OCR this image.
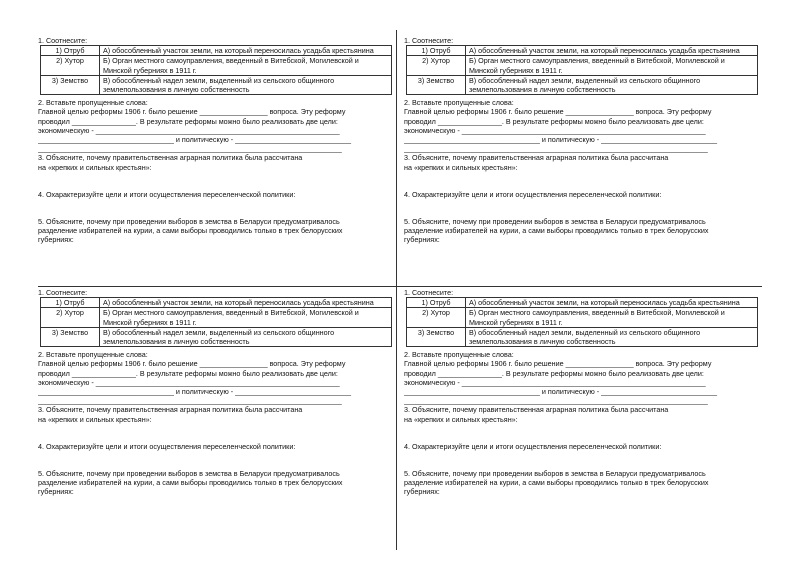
1. Соотнесите:
1) Отруб	А) обособленный участок земли, на который переносилась усадьба крестьянина
2) Хутор	Б) Орган местного самоуправления, введенный в Витебской, Могилевской и Минской губерниях в 1911 г.
3) Земство	В) обособленный надел земли, выделенный из сельского общинного землепользования в личную собственность
2. Вставьте пропущенные слова:
Главной целью реформы 1906 г. было решение _________________ вопроса. Эту реформу
проводил ________________. В результате реформы можно было реализовать две цели:
экономическую - _____________________________________________________________
__________________________________ и политическую - _____________________________
____________________________________________________________________________
3. Объясните, почему правительственная аграрная политика была рассчитана
на «крепких и сильных крестьян»:
4. Охарактеризуйте цели и итоги осуществления переселенческой политики:
5. Объясните, почему при проведении выборов в земства в Беларуси предусматривалось
разделение избирателей на курии, а сами выборы проводились только в трех белорусских
губерниях:
1. Соотнесите:
1) Отруб	А) обособленный участок земли, на который переносилась усадьба крестьянина
2) Хутор	Б) Орган местного самоуправления, введенный в Витебской, Могилевской и Минской губерниях в 1911 г.
3) Земство	В) обособленный надел земли, выделенный из сельского общинного землепользования в личную собственность
2. Вставьте пропущенные слова:
Главной целью реформы 1906 г. было решение _________________ вопроса. Эту реформу
проводил ________________. В результате реформы можно было реализовать две цели:
экономическую - _____________________________________________________________
__________________________________ и политическую - _____________________________
____________________________________________________________________________
3. Объясните, почему правительственная аграрная политика была рассчитана
на «крепких и сильных крестьян»:
4. Охарактеризуйте цели и итоги осуществления переселенческой политики:
5. Объясните, почему при проведении выборов в земства в Беларуси предусматривалось
разделение избирателей на курии, а сами выборы проводились только в трех белорусских
губерниях:
1. Соотнесите:
1) Отруб	А) обособленный участок земли, на который переносилась усадьба крестьянина
2) Хутор	Б) Орган местного самоуправления, введенный в Витебской, Могилевской и Минской губерниях в 1911 г.
3) Земство	В) обособленный надел земли, выделенный из сельского общинного землепользования в личную собственность
2. Вставьте пропущенные слова:
Главной целью реформы 1906 г. было решение _________________ вопроса. Эту реформу
проводил ________________. В результате реформы можно было реализовать две цели:
экономическую - _____________________________________________________________
__________________________________ и политическую - _____________________________
____________________________________________________________________________
3. Объясните, почему правительственная аграрная политика была рассчитана
на «крепких и сильных крестьян»:
4. Охарактеризуйте цели и итоги осуществления переселенческой политики:
5. Объясните, почему при проведении выборов в земства в Беларуси предусматривалось
разделение избирателей на курии, а сами выборы проводились только в трех белорусских
губерниях:
1. Соотнесите:
1) Отруб	А) обособленный участок земли, на который переносилась усадьба крестьянина
2) Хутор	Б) Орган местного самоуправления, введенный в Витебской, Могилевской и Минской губерниях в 1911 г.
3) Земство	В) обособленный надел земли, выделенный из сельского общинного землепользования в личную собственность
2. Вставьте пропущенные слова:
Главной целью реформы 1906 г. было решение _________________ вопроса. Эту реформу
проводил ________________. В результате реформы можно было реализовать две цели:
экономическую - _____________________________________________________________
__________________________________ и политическую - _____________________________
____________________________________________________________________________
3. Объясните, почему правительственная аграрная политика была рассчитана
на «крепких и сильных крестьян»:
4. Охарактеризуйте цели и итоги осуществления переселенческой политики:
5. Объясните, почему при проведении выборов в земства в Беларуси предусматривалось
разделение избирателей на курии, а сами выборы проводились только в трех белорусских
губерниях:
